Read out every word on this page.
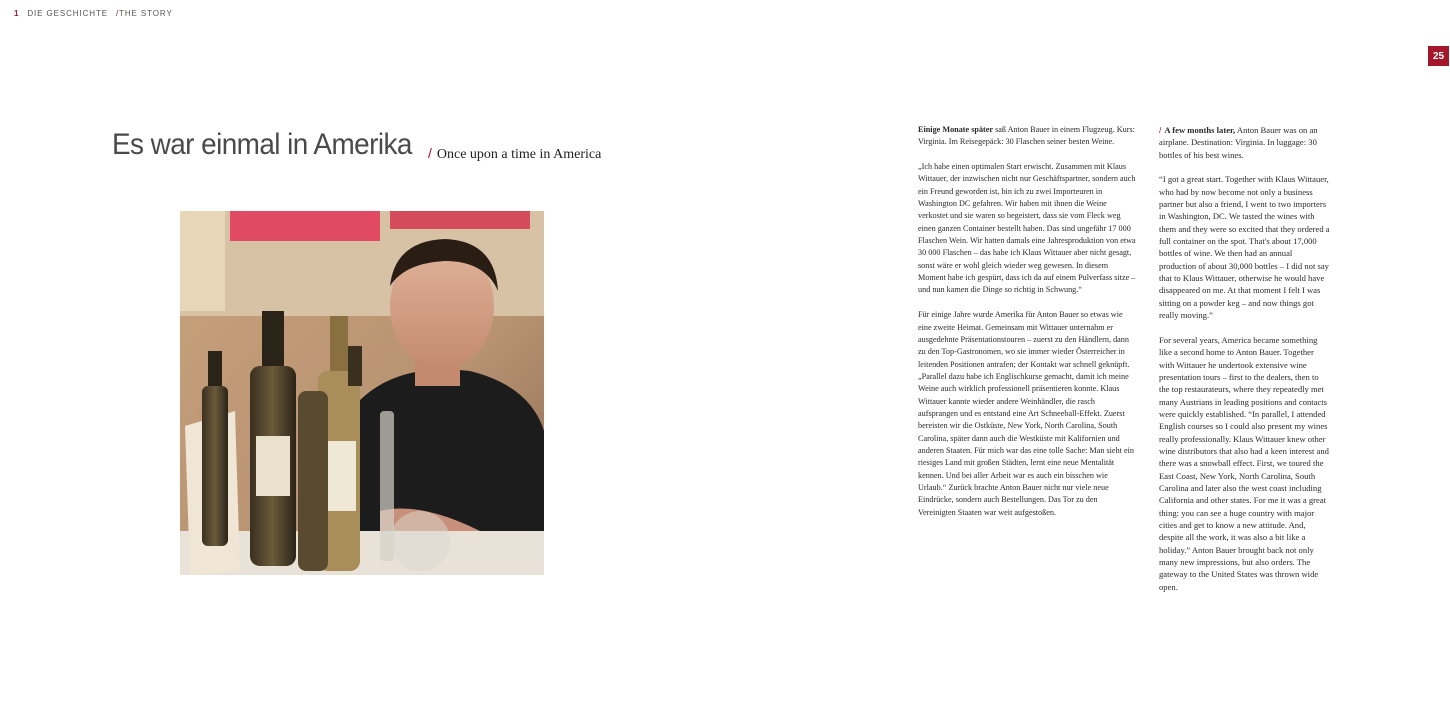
1 DIE GESCHICHTE /THE STORY
25
Es war einmal in Amerika / Once upon a time in America

Einige Monate später saß Anton Bauer in einem Flugzeug. Kurs: Virginia. Im Reisegepäck: 30 Flaschen seiner besten Weine.

„Ich habe einen optimalen Start erwischt. Zusammen mit Klaus Wittauer, der inzwischen nicht nur Geschäftspartner, sondern auch ein Freund geworden ist, bin ich zu zwei Importeuren in Washington DC gefahren. Wir haben mit ihnen die Weine verkostet und sie waren so begeistert, dass sie vom Fleck weg einen ganzen Container bestellt haben. Das sind ungefähr 17 000 Flaschen Wein. Wir hatten damals eine Jahresproduktion von etwa 30 000 Flaschen – das habe ich Klaus Wittauer aber nicht gesagt, sonst wäre er wohl gleich wieder weg gewesen. In diesem Moment habe ich gespürt, dass ich da auf einem Pulverfass sitze – und nun kamen die Dinge so richtig in Schwung.“

Für einige Jahre wurde Amerika für Anton Bauer so etwas wie eine zweite Heimat. Gemeinsam mit Wittauer unternahm er ausgedehnte Präsentationstouren – zuerst zu den Händlern, dann zu den Top-Gastronomen, wo sie immer wieder Österreicher in leitenden Positionen antrafen; der Kontakt war schnell geknüpft. „Parallel dazu habe ich Englischkurse gemacht, damit ich meine Weine auch wirklich professionell präsentieren konnte. Klaus Wittauer kannte wieder andere Weinhändler, die rasch aufsprangen und es entstand eine Art Schneeball-Effekt. Zuerst bereisten wir die Ostküste, New York, North Carolina, South Carolina, später dann auch die Westküste mit Kalifornien und anderen Staaten. Für mich war das eine tolle Sache: Man sieht ein riesiges Land mit großen Städten, lernt eine neue Mentalität kennen. Und bei aller Arbeit war es auch ein bisschen wie Urlaub.“ Zurück brachte Anton Bauer nicht nur viele neue Eindrücke, sondern auch Bestellungen. Das Tor zu den Vereinigten Staaten war weit aufgestoßen.

/ A few months later, Anton Bauer was on an airplane. Destination: Virginia. In luggage: 30 bottles of his best wines.

“I got a great start. Together with Klaus Wittauer, who had by now become not only a business partner but also a friend, I went to two importers in Washington, DC. We tasted the wines with them and they were so excited that they ordered a full container on the spot. That's about 17,000 bottles of wine. We then had an annual production of about 30,000 bottles – I did not say that to Klaus Wittauer, otherwise he would have disappeared on me. At that moment I felt I was sitting on a powder keg – and now things got really moving.”

For several years, America became something like a second home to Anton Bauer. Together with Wittauer he undertook extensive wine presentation tours – first to the dealers, then to the top restaurateurs, where they repeatedly met many Austrians in leading positions and contacts were quickly established. “In parallel, I attended English courses so I could also present my wines really professionally. Klaus Wittauer knew other wine distributors that also had a keen interest and there was a snowball effect. First, we toured the East Coast, New York, North Carolina, South Carolina and later also the west coast including California and other states. For me it was a great thing: you can see a huge country with major cities and get to know a new attitude. And, despite all the work, it was also a bit like a holiday.” Anton Bauer brought back not only many new impressions, but also orders. The gateway to the United States was thrown wide open.
